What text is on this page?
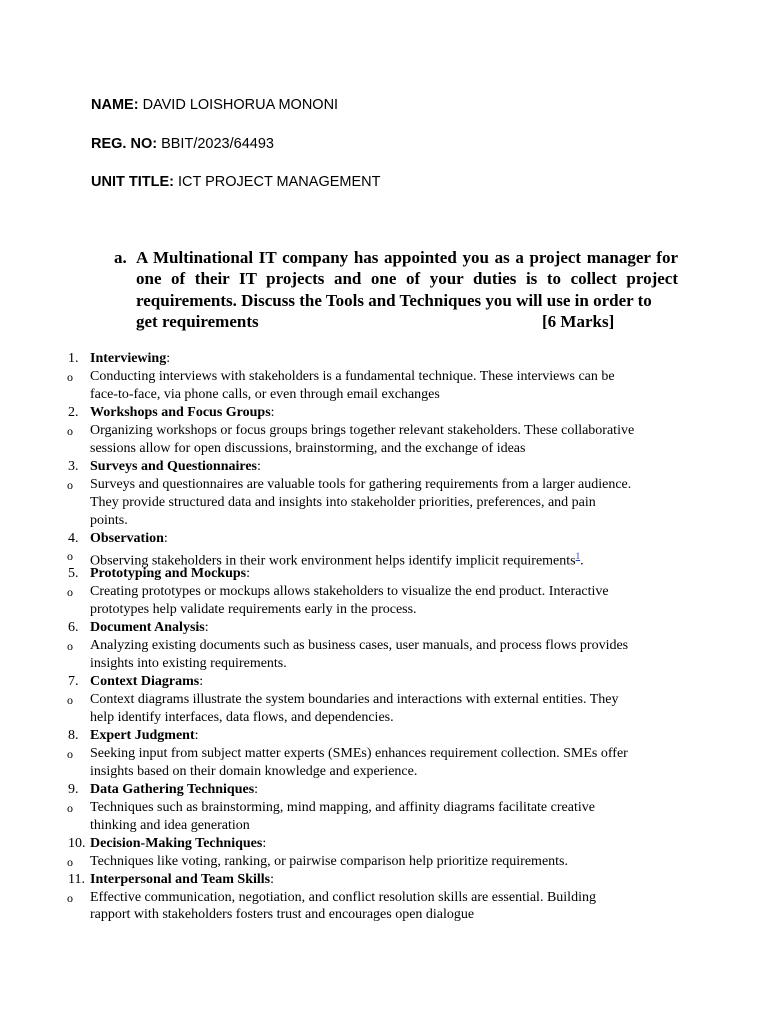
NAME: DAVID LOISHORUA MONONI
REG. NO: BBIT/2023/64493
UNIT TITLE: ICT PROJECT MANAGEMENT
a. A Multinational IT company has appointed you as a project manager for one of their IT projects and one of your duties is to collect project requirements. Discuss the Tools and Techniques you will use in order to
get requirements	[6 Marks]
1. Interviewing:
o Conducting interviews with stakeholders is a fundamental technique. These interviews can be
face-to-face, via phone calls, or even through email exchanges
2. Workshops and Focus Groups:
o Organizing workshops or focus groups brings together relevant stakeholders. These collaborative
sessions allow for open discussions, brainstorming, and the exchange of ideas
3. Surveys and Questionnaires:
o Surveys and questionnaires are valuable tools for gathering requirements from a larger audience.
They provide structured data and insights into stakeholder priorities, preferences, and pain
points.
4. Observation:
o Observing stakeholders in their work environment helps identify implicit requirements$^1$.
5. Prototyping and Mockups:
o Creating prototypes or mockups allows stakeholders to visualize the end product. Interactive
prototypes help validate requirements early in the process.
6. Document Analysis:
o Analyzing existing documents such as business cases, user manuals, and process flows provides
insights into existing requirements.
7. Context Diagrams:
o Context diagrams illustrate the system boundaries and interactions with external entities. They
help identify interfaces, data flows, and dependencies.
8. Expert Judgment:
o Seeking input from subject matter experts (SMEs) enhances requirement collection. SMEs offer
insights based on their domain knowledge and experience.
9. Data Gathering Techniques:
o Techniques such as brainstorming, mind mapping, and affinity diagrams facilitate creative
thinking and idea generation
10. Decision-Making Techniques:
o Techniques like voting, ranking, or pairwise comparison help prioritize requirements.
11. Interpersonal and Team Skills:
o Effective communication, negotiation, and conflict resolution skills are essential. Building
rapport with stakeholders fosters trust and encourages open dialogue
